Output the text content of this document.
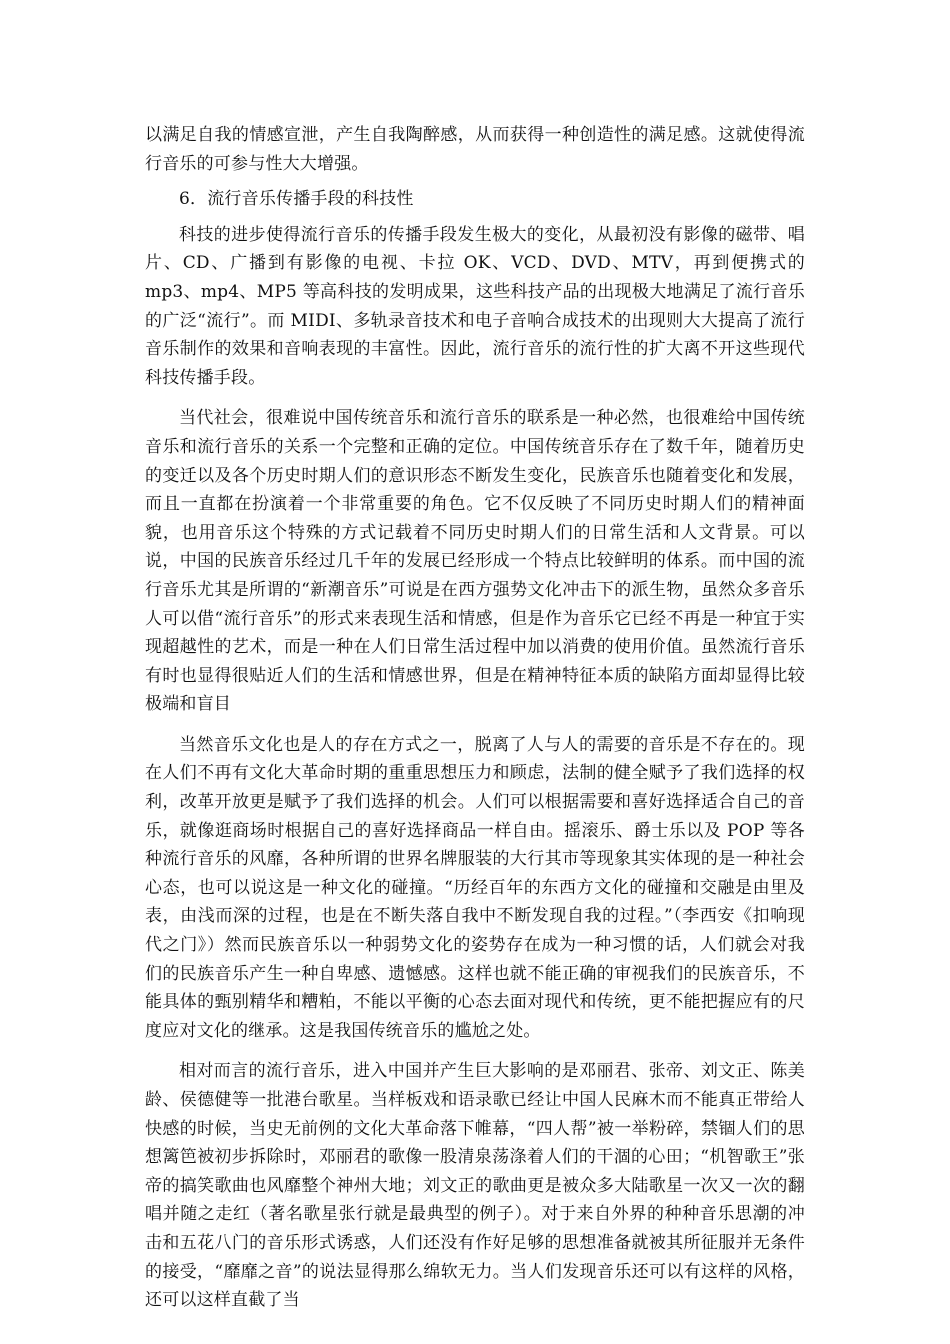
以满足自我的情感宣泄，产生自我陶醉感，从而获得一种创造性的满足感。这就使得流行音乐的可参与性大大增强。

6．流行音乐传播手段的科技性

科技的进步使得流行音乐的传播手段发生极大的变化，从最初没有影像的磁带、唱片、CD、广播到有影像的电视、卡拉 OK、VCD、DVD、MTV，再到便携式的 mp3、mp4、MP5 等高科技的发明成果，这些科技产品的出现极大地满足了流行音乐的广泛“流行”。而 MIDI、多轨录音技术和电子音响合成技术的出现则大大提高了流行音乐制作的效果和音响表现的丰富性。因此，流行音乐的流行性的扩大离不开这些现代科技传播手段。

当代社会，很难说中国传统音乐和流行音乐的联系是一种必然，也很难给中国传统音乐和流行音乐的关系一个完整和正确的定位。中国传统音乐存在了数千年，随着历史的变迁以及各个历史时期人们的意识形态不断发生变化，民族音乐也随着变化和发展，而且一直都在扮演着一个非常重要的角色。它不仅反映了不同历史时期人们的精神面貌，也用音乐这个特殊的方式记载着不同历史时期人们的日常生活和人文背景。可以说，中国的民族音乐经过几千年的发展已经形成一个特点比较鲜明的体系。而中国的流行音乐尤其是所谓的“新潮音乐”可说是在西方强势文化冲击下的派生物，虽然众多音乐人可以借“流行音乐”的形式来表现生活和情感，但是作为音乐它已经不再是一种宜于实现超越性的艺术，而是一种在人们日常生活过程中加以消费的使用价值。虽然流行音乐有时也显得很贴近人们的生活和情感世界，但是在精神特征本质的缺陷方面却显得比较极端和盲目

当然音乐文化也是人的存在方式之一，脱离了人与人的需要的音乐是不存在的。现在人们不再有文化大革命时期的重重思想压力和顾虑，法制的健全赋予了我们选择的权利，改革开放更是赋予了我们选择的机会。人们可以根据需要和喜好选择适合自己的音乐，就像逛商场时根据自己的喜好选择商品一样自由。摇滚乐、爵士乐以及 POP 等各种流行音乐的风靡，各种所谓的世界名牌服装的大行其市等现象其实体现的是一种社会心态，也可以说这是一种文化的碰撞。“历经百年的东西方文化的碰撞和交融是由里及表，由浅而深的过程，也是在不断失落自我中不断发现自我的过程。”（李西安《扣响现代之门》）然而民族音乐以一种弱势文化的姿势存在成为一种习惯的话，人们就会对我们的民族音乐产生一种自卑感、遗憾感。这样也就不能正确的审视我们的民族音乐，不能具体的甄别精华和糟粕，不能以平衡的心态去面对现代和传统，更不能把握应有的尺度应对文化的继承。这是我国传统音乐的尴尬之处。

相对而言的流行音乐，进入中国并产生巨大影响的是邓丽君、张帝、刘文正、陈美龄、侯德健等一批港台歌星。当样板戏和语录歌已经让中国人民麻木而不能真正带给人快感的时候，当史无前例的文化大革命落下帷幕，“四人帮”被一举粉碎，禁锢人们的思想篱笆被初步拆除时，邓丽君的歌像一股清泉荡涤着人们的干涸的心田；“机智歌王”张帝的搞笑歌曲也风靡整个神州大地；刘文正的歌曲更是被众多大陆歌星一次又一次的翻唱并随之走红（著名歌星张行就是最典型的例子）。对于来自外界的种种音乐思潮的冲击和五花八门的音乐形式诱惑，人们还没有作好足够的思想准备就被其所征服并无条件的接受，“靡靡之音”的说法显得那么绵软无力。当人们发现音乐还可以有这样的风格，还可以这样直截了当
